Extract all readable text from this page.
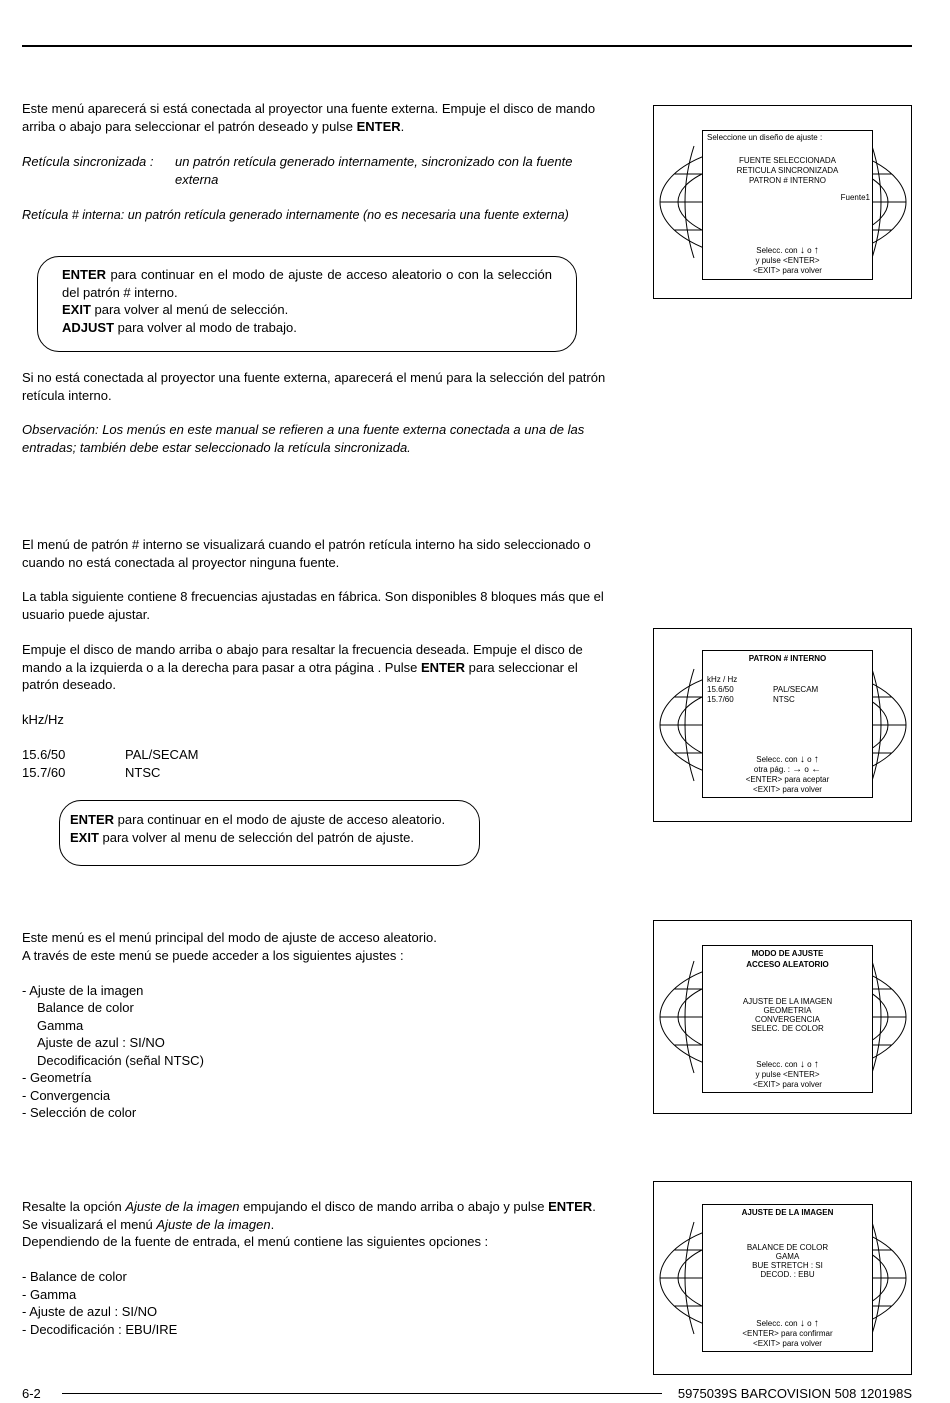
Este menú aparecerá si está conectada al proyector una fuente externa. Empuje el disco de mando arriba o abajo para seleccionar el patrón deseado y pulse ENTER.
Retícula sincronizada :	un patrón retícula generado internamente, sincronizado con la fuente externa
Retícula # interna: un patrón retícula generado internamente (no es necesaria una fuente externa)
ENTER para continuar en el modo de ajuste de acceso aleatorio o con la selección del patrón # interno.
EXIT para volver al menú de selección.
ADJUST para volver al modo de trabajo.
Si no está conectada al proyector una fuente externa, aparecerá el menú para la selección del patrón retícula interno.
Observación: Los menús en este manual se refieren a una fuente externa conectada a una de las entradas; también debe estar seleccionado la retícula sincronizada.
Seleccione un diseño de ajuste :
FUENTE SELECCIONADA
RETICULA SINCRONIZADA
PATRON # INTERNO
Fuente1
Selecc. con ↓ o ↑
y pulse <ENTER>
<EXIT> para volver
El menú de patrón # interno se visualizará cuando el patrón retícula interno ha sido seleccionado o cuando no está conectada al proyector ninguna fuente.
La tabla siguiente contiene 8 frecuencias ajustadas en fábrica. Son disponibles 8 bloques más que el usuario puede ajustar.
Empuje el disco de mando arriba o abajo para resaltar la frecuencia deseada. Empuje el disco de mando a la izquierda o a la derecha para pasar a otra página . Pulse ENTER para seleccionar el patrón deseado.
kHz/Hz
15.6/50	PAL/SECAM
15.7/60	NTSC
ENTER para continuar en el modo de ajuste de acceso aleatorio.
EXIT para volver al menu de selección del patrón de ajuste.
PATRON # INTERNO
kHz / Hz
15.6/50	PAL/SECAM
15.7/60	NTSC
Selecc. con ↓ o ↑
otra pág. : → o ←
<ENTER> para aceptar
<EXIT> para volver
Este menú es el menú principal del modo de ajuste de acceso aleatorio.
A través de este menú se puede acceder a los siguientes ajustes :
- Ajuste de la imagen
Balance de color
Gamma
Ajuste de azul : SI/NO
Decodificación (señal NTSC)
- Geometría
- Convergencia
- Selección de color
MODO DE AJUSTE
ACCESO ALEATORIO
AJUSTE DE LA IMAGEN
GEOMETRIA
CONVERGENCIA
SELEC. DE COLOR
Selecc. con ↓ o ↑
y pulse <ENTER>
<EXIT> para volver
Resalte la opción Ajuste de la imagen empujando el disco de mando arriba o abajo y pulse ENTER.
Se visualizará el menú Ajuste de la imagen.
Dependiendo de la fuente de entrada, el menú contiene las siguientes opciones :
- Balance de color
- Gamma
- Ajuste de azul : SI/NO
- Decodificación : EBU/IRE
AJUSTE DE LA IMAGEN
BALANCE DE COLOR
GAMA
BUE STRETCH : SI
DECOD. : EBU
Selecc. con ↓ o ↑
<ENTER> para confirmar
<EXIT> para volver
6-2	5975039S BARCOVISION 508 120198S
